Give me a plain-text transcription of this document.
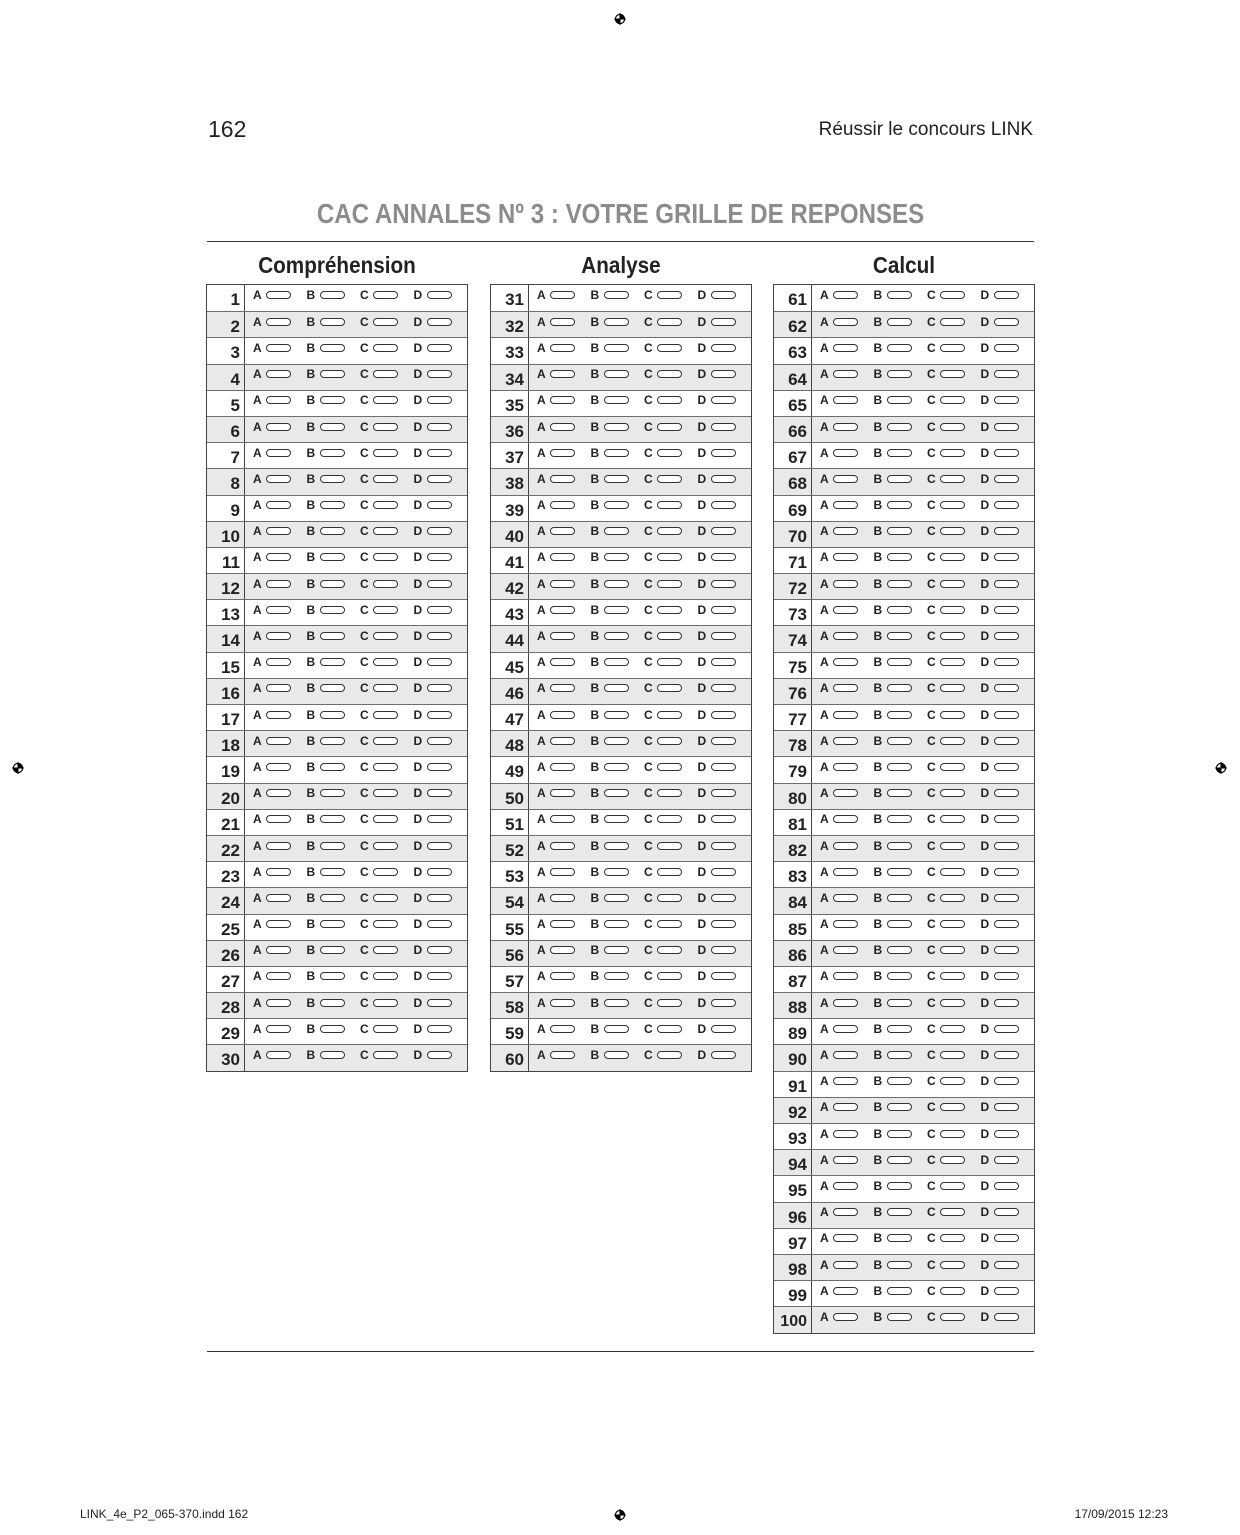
162	Réussir le concours LINK
CAC ANNALES Nº 3 : VOTRE GRILLE DE REPONSES
Compréhension
1	A	B	C	D
2	A	B	C	D
3	A	B	C	D
4	A	B	C	D
5	A	B	C	D
6	A	B	C	D
7	A	B	C	D
8	A	B	C	D
9	A	B	C	D
10	A	B	C	D
11	A	B	C	D
12	A	B	C	D
13	A	B	C	D
14	A	B	C	D
15	A	B	C	D
16	A	B	C	D
17	A	B	C	D
18	A	B	C	D
19	A	B	C	D
20	A	B	C	D
21	A	B	C	D
22	A	B	C	D
23	A	B	C	D
24	A	B	C	D
25	A	B	C	D
26	A	B	C	D
27	A	B	C	D
28	A	B	C	D
29	A	B	C	D
30	A	B	C	D
Analyse
31	A	B	C	D
32	A	B	C	D
33	A	B	C	D
34	A	B	C	D
35	A	B	C	D
36	A	B	C	D
37	A	B	C	D
38	A	B	C	D
39	A	B	C	D
40	A	B	C	D
41	A	B	C	D
42	A	B	C	D
43	A	B	C	D
44	A	B	C	D
45	A	B	C	D
46	A	B	C	D
47	A	B	C	D
48	A	B	C	D
49	A	B	C	D
50	A	B	C	D
51	A	B	C	D
52	A	B	C	D
53	A	B	C	D
54	A	B	C	D
55	A	B	C	D
56	A	B	C	D
57	A	B	C	D
58	A	B	C	D
59	A	B	C	D
60	A	B	C	D
Calcul
61	A	B	C	D
62	A	B	C	D
63	A	B	C	D
64	A	B	C	D
65	A	B	C	D
66	A	B	C	D
67	A	B	C	D
68	A	B	C	D
69	A	B	C	D
70	A	B	C	D
71	A	B	C	D
72	A	B	C	D
73	A	B	C	D
74	A	B	C	D
75	A	B	C	D
76	A	B	C	D
77	A	B	C	D
78	A	B	C	D
79	A	B	C	D
80	A	B	C	D
81	A	B	C	D
82	A	B	C	D
83	A	B	C	D
84	A	B	C	D
85	A	B	C	D
86	A	B	C	D
87	A	B	C	D
88	A	B	C	D
89	A	B	C	D
90	A	B	C	D
91	A	B	C	D
92	A	B	C	D
93	A	B	C	D
94	A	B	C	D
95	A	B	C	D
96	A	B	C	D
97	A	B	C	D
98	A	B	C	D
99	A	B	C	D
100	A	B	C	D
LINK_4e_P2_065-370.indd 162	17/09/2015 12:23
